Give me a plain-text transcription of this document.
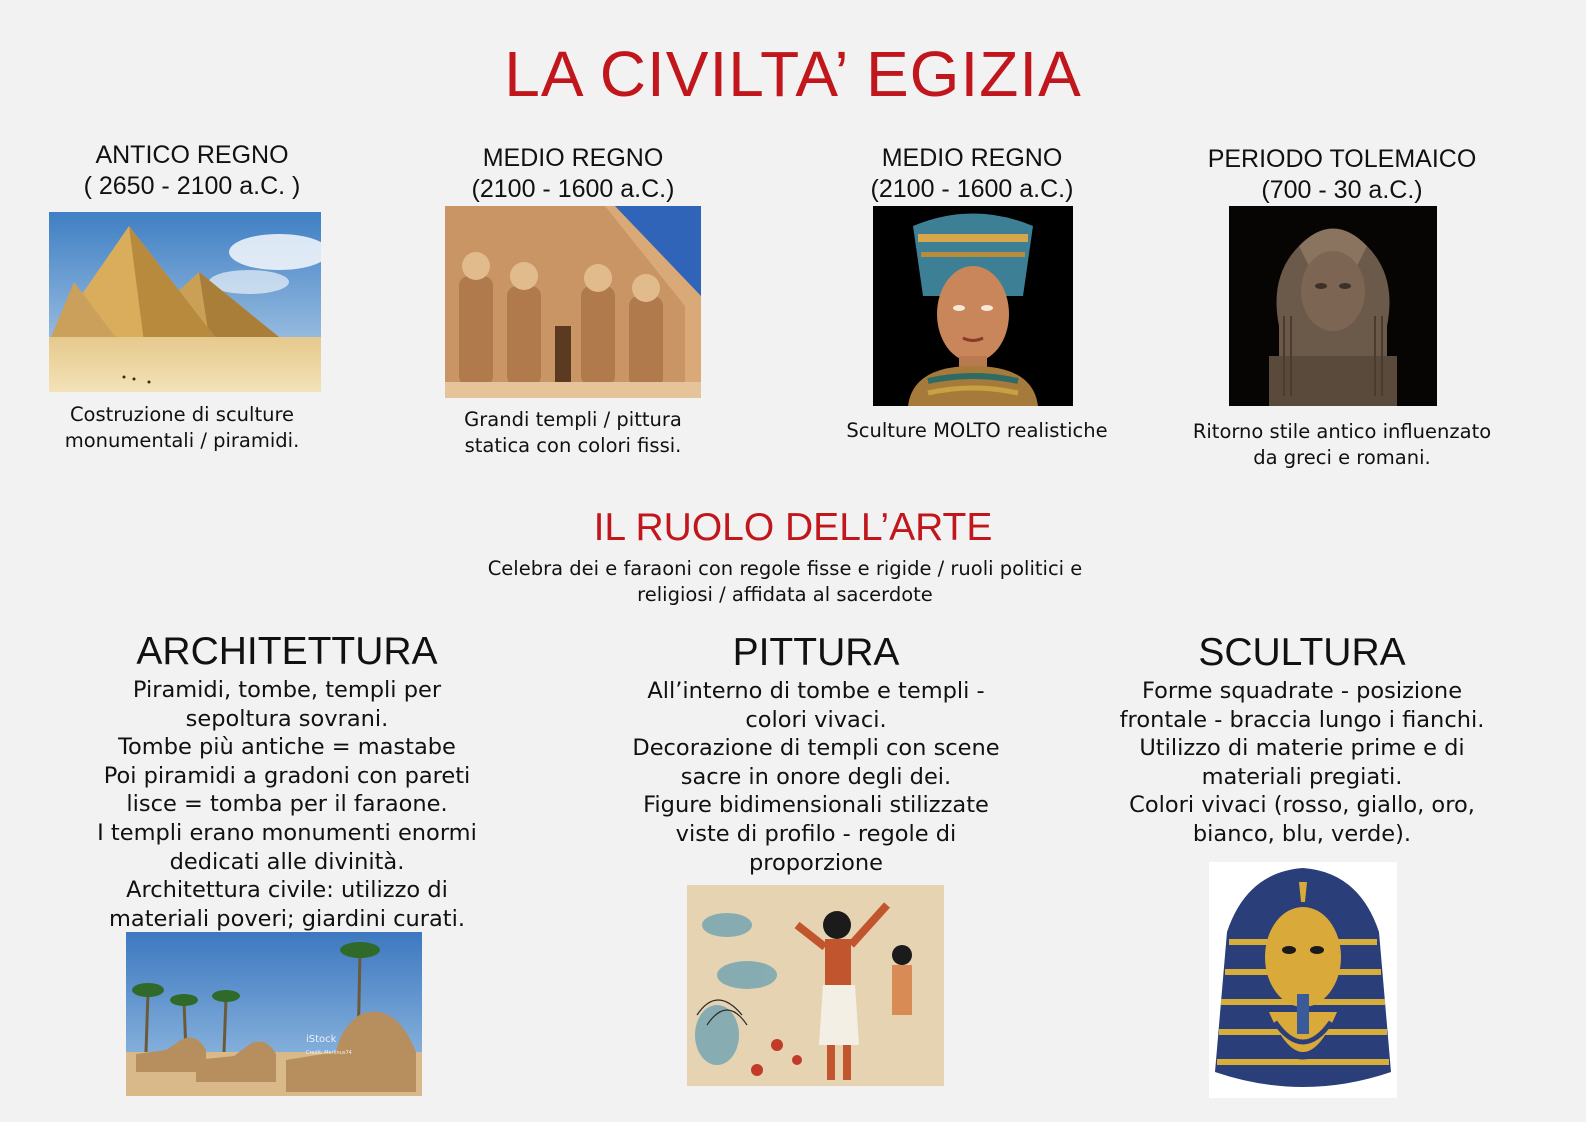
LA CIVILTA’ EGIZIA
ANTICO REGNO
( 2650 - 2100 a.C. )
Costruzione di sculture
monumentali / piramidi.
MEDIO REGNO
(2100 - 1600 a.C.)
Grandi templi / pittura
statica con colori fissi.
MEDIO REGNO
(2100 - 1600 a.C.)
Sculture MOLTO realistiche
PERIODO TOLEMAICO
(700 - 30 a.C.)
Ritorno stile antico influenzato
da greci e romani.
IL RUOLO DELL’ARTE
Celebra dei e faraoni con regole fisse e rigide / ruoli politici e
religiosi / affidata al sacerdote
ARCHITETTURA
Piramidi, tombe, templi per
sepoltura sovrani.
Tombe più antiche = mastabe
Poi piramidi a gradoni con pareti
lisce = tomba per il faraone.
I templi erano monumenti enormi
dedicati alle divinità.
Architettura civile: utilizzo di
materiali poveri; giardini curati.
iStock
Credit: Merlinus74
PITTURA
All’interno di tombe e templi -
colori vivaci.
Decorazione di templi con scene
sacre in onore degli dei.
Figure bidimensionali stilizzate
viste di profilo - regole di
proporzione
SCULTURA
Forme squadrate - posizione
frontale - braccia lungo i fianchi.
Utilizzo di materie prime e di
materiali pregiati.
Colori vivaci (rosso, giallo, oro,
bianco, blu, verde).
